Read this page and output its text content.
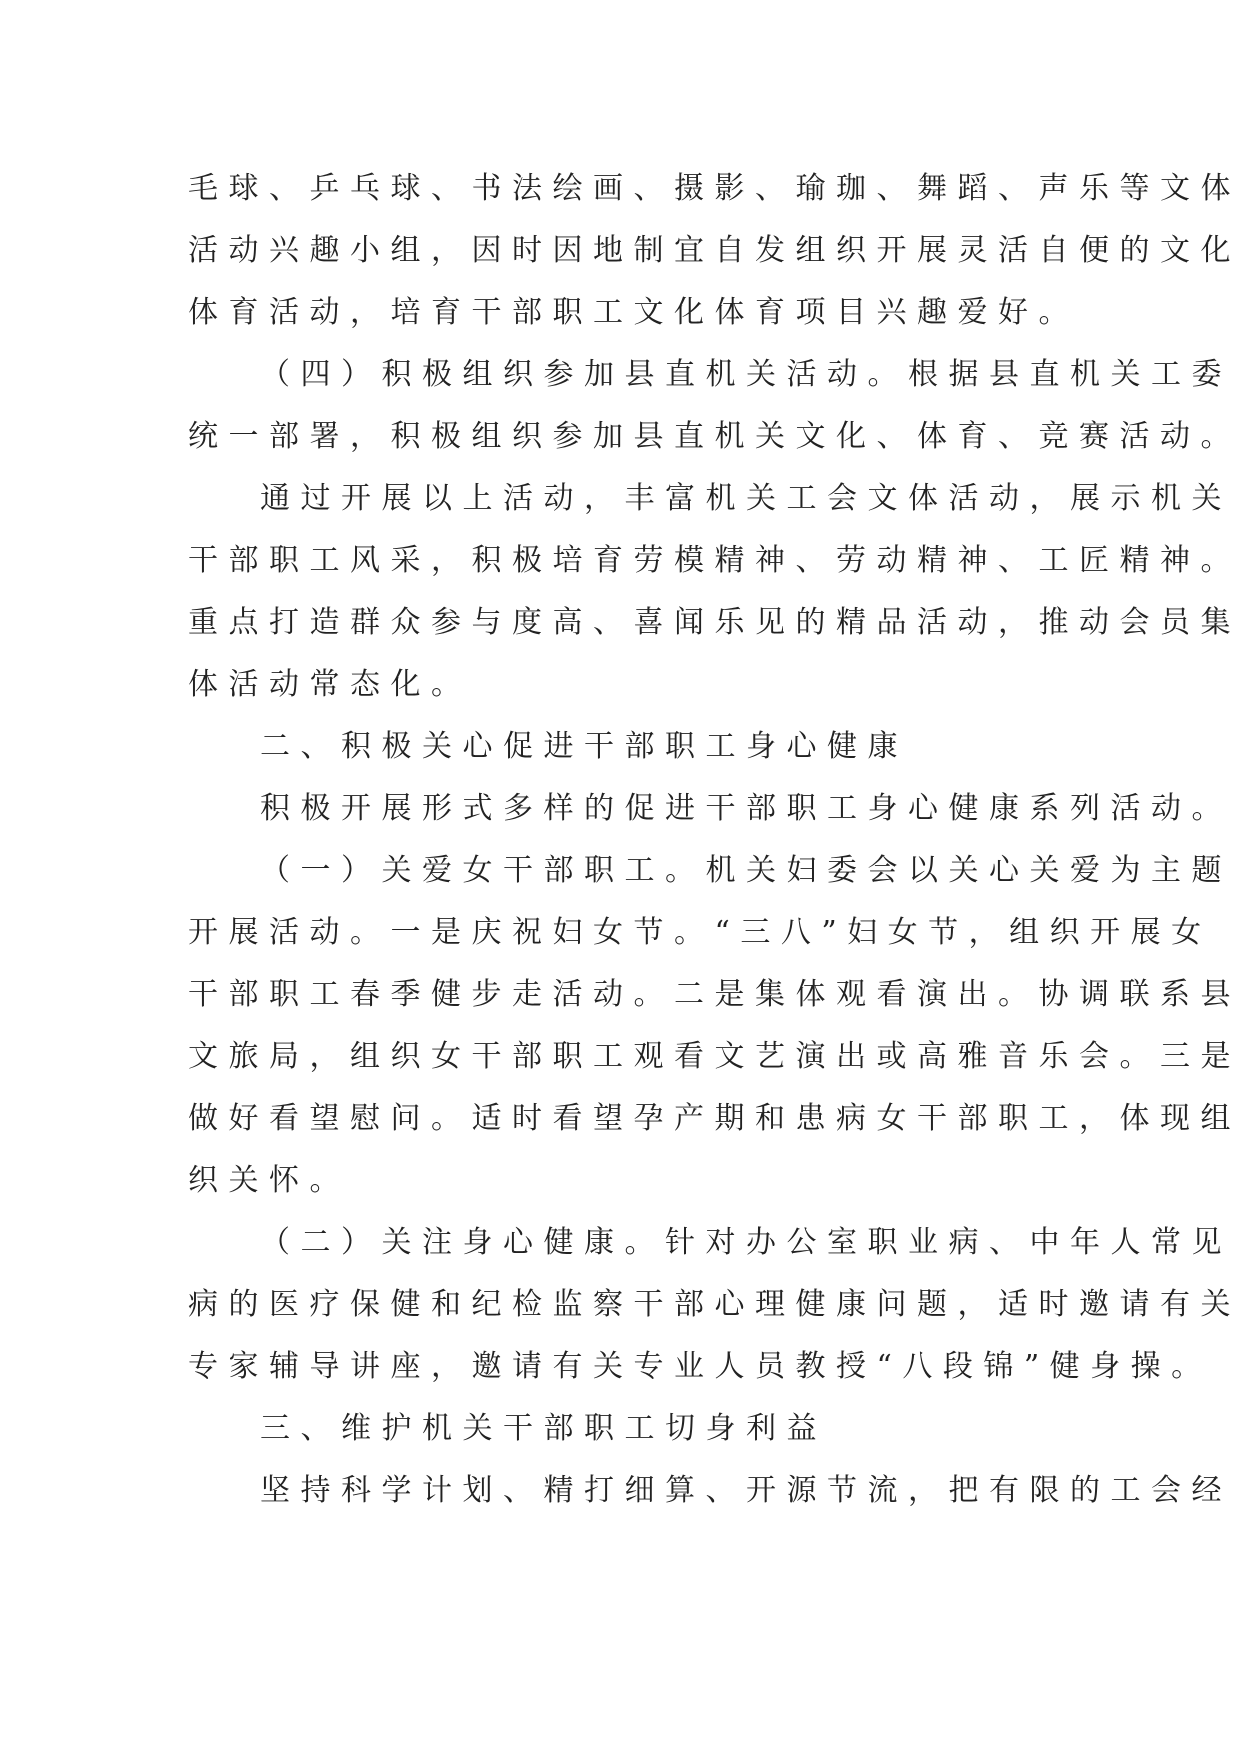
毛球、乒乓球、书法绘画、摄影、瑜珈、舞蹈、声乐等文体
活动兴趣小组，因时因地制宜自发组织开展灵活自便的文化
体育活动，培育干部职工文化体育项目兴趣爱好。
（四）积极组织参加县直机关活动。根据县直机关工委
统一部署，积极组织参加县直机关文化、体育、竞赛活动。
通过开展以上活动，丰富机关工会文体活动，展示机关
干部职工风采，积极培育劳模精神、劳动精神、工匠精神。
重点打造群众参与度高、喜闻乐见的精品活动，推动会员集
体活动常态化。
二、积极关心促进干部职工身心健康
积极开展形式多样的促进干部职工身心健康系列活动。
（一）关爱女干部职工。机关妇委会以关心关爱为主题
开展活动。一是庆祝妇女节。“三八”妇女节，组织开展女
干部职工春季健步走活动。二是集体观看演出。协调联系县
文旅局，组织女干部职工观看文艺演出或高雅音乐会。三是
做好看望慰问。适时看望孕产期和患病女干部职工，体现组
织关怀。
（二）关注身心健康。针对办公室职业病、中年人常见
病的医疗保健和纪检监察干部心理健康问题，适时邀请有关
专家辅导讲座，邀请有关专业人员教授“八段锦”健身操。
三、维护机关干部职工切身利益
坚持科学计划、精打细算、开源节流，把有限的工会经
